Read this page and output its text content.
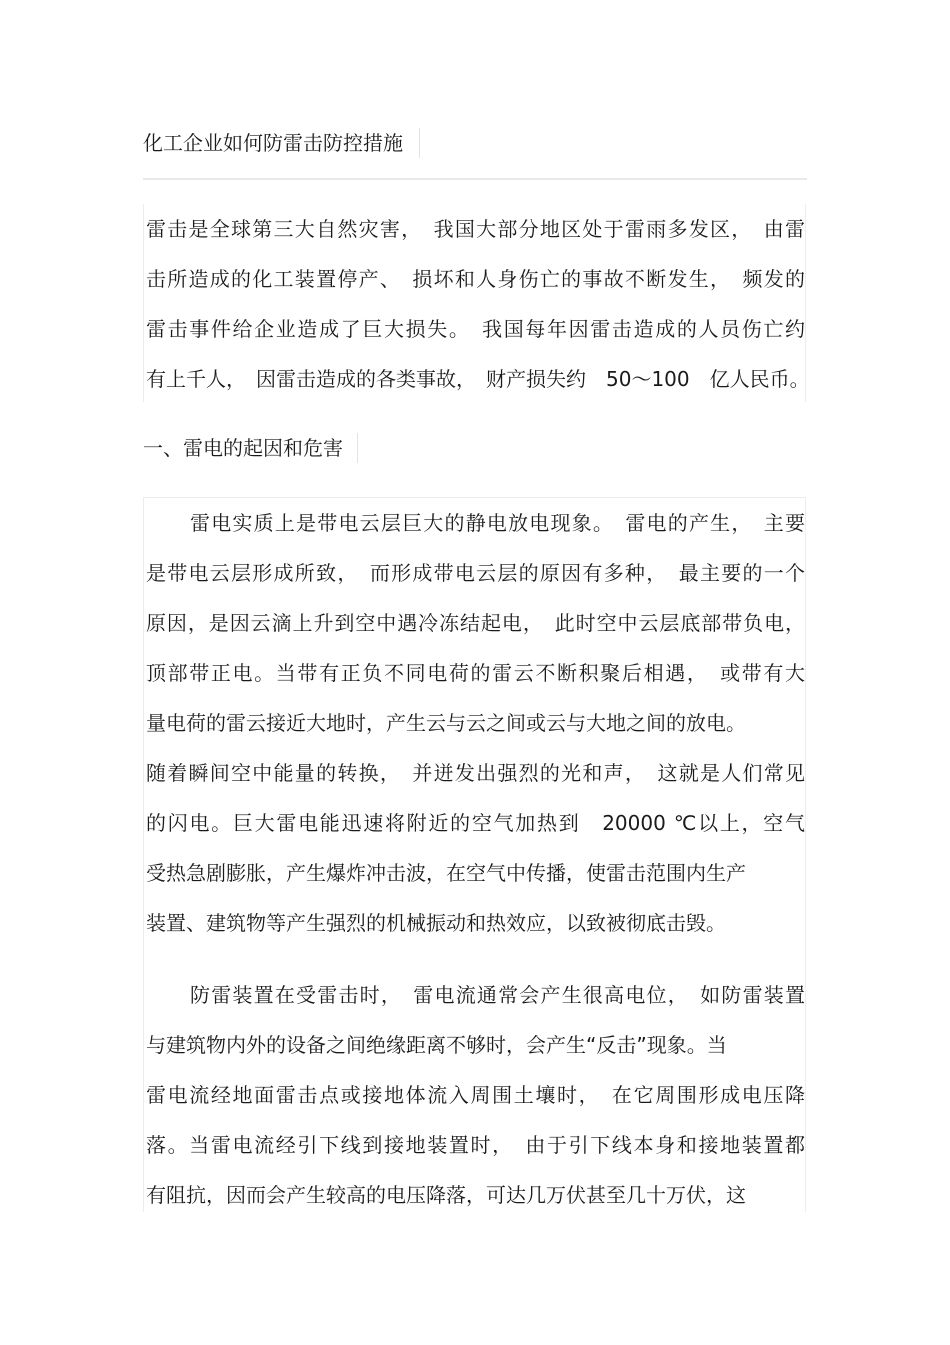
化工企业如何防雷击防控措施
雷击是全球第三大自然灾害，　我国大部分地区处于雷雨多发区，　由雷
击所造成的化工装置停产、　损坏和人身伤亡的事故不断发生，　频发的
雷击事件给企业造成了巨大损失。　我国每年因雷击造成的人员伤亡约
有上千人，　因雷击造成的各类事故，　财产损失约　50～100　亿人民币。
一、雷电的起因和危害
雷电实质上是带电云层巨大的静电放电现象。　雷电的产生，　主要
是带电云层形成所致，　而形成带电云层的原因有多种，　最主要的一个
原因，是因云滴上升到空中遇冷冻结起电，　此时空中云层底部带负电，
顶部带正电。当带有正负不同电荷的雷云不断积聚后相遇，　或带有大
量电荷的雷云接近大地时，产生云与云之间或云与大地之间的放电。
随着瞬间空中能量的转换，　并迸发出强烈的光和声，　这就是人们常见
的闪电。巨大雷电能迅速将附近的空气加热到　20000 ℃以上，空气
受热急剧膨胀，产生爆炸冲击波，在空气中传播，使雷击范围内生产
装置、建筑物等产生强烈的机械振动和热效应，以致被彻底击毁。
防雷装置在受雷击时，　雷电流通常会产生很高电位，　如防雷装置
与建筑物内外的设备之间绝缘距离不够时，会产生“反击”现象。当
雷电流经地面雷击点或接地体流入周围土壤时，　在它周围形成电压降
落。当雷电流经引下线到接地装置时，　由于引下线本身和接地装置都
有阻抗，因而会产生较高的电压降落，可达几万伏甚至几十万伏，这
